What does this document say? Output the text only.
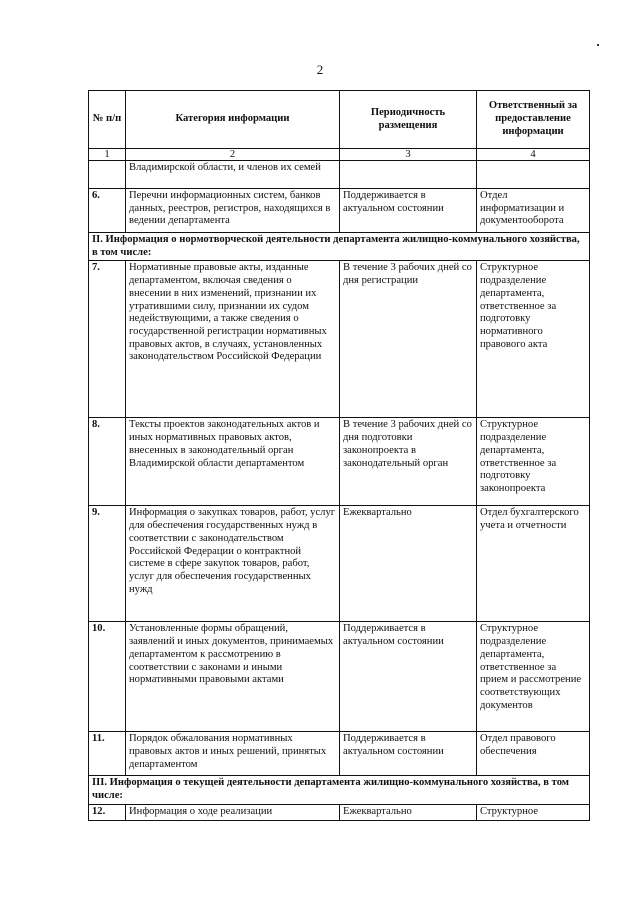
2
№ п/п	Категория информации	Периодичность размещения	Ответственный за предоставление информации
1	2	3	4
	Владимирской области, и членов их семей		
6.	Перечни информационных систем, банков данных, реестров, регистров, находящихся в ведении департамента	Поддерживается в актуальном состоянии	Отдел информатизации и документооборота
II. Информация о нормотворческой деятельности департамента жилищно-коммунального хозяйства, в том числе:			
7.	Нормативные правовые акты, изданные департаментом, включая сведения о внесении в них изменений, признании их утратившими силу, признании их судом недействующими, а также сведения о государственной регистрации нормативных правовых актов, в случаях, установленных законодательством Российской Федерации	В течение 3 рабочих дней со дня регистрации	Структурное подразделение департамента, ответственное за подготовку нормативного правового акта
8.	Тексты проектов законодательных актов и иных нормативных правовых актов, внесенных в законодательный орган Владимирской области департаментом	В течение 3 рабочих дней со дня подготовки законопроекта в законодательный орган	Структурное подразделение департамента, ответственное за подготовку законопроекта
9.	Информация о закупках товаров, работ, услуг для обеспечения государственных нужд в соответствии с законодательством Российской Федерации о контрактной системе в сфере закупок товаров, работ, услуг для обеспечения государственных нужд	Ежеквартально	Отдел бухгалтерского учета и отчетности
10.	Установленные формы обращений, заявлений и иных документов, принимаемых департаментом к рассмотрению в соответствии с законами и иными нормативными правовыми актами	Поддерживается в актуальном состоянии	Структурное подразделение департамента, ответственное за прием и рассмотрение соответствующих документов
11.	Порядок обжалования нормативных правовых актов и иных решений, принятых департаментом	Поддерживается в актуальном состоянии	Отдел правового обеспечения
III. Информация о текущей деятельности департамента жилищно-коммунального хозяйства, в том числе:			
12.	Информация о ходе реализации	Ежеквартально	Структурное
